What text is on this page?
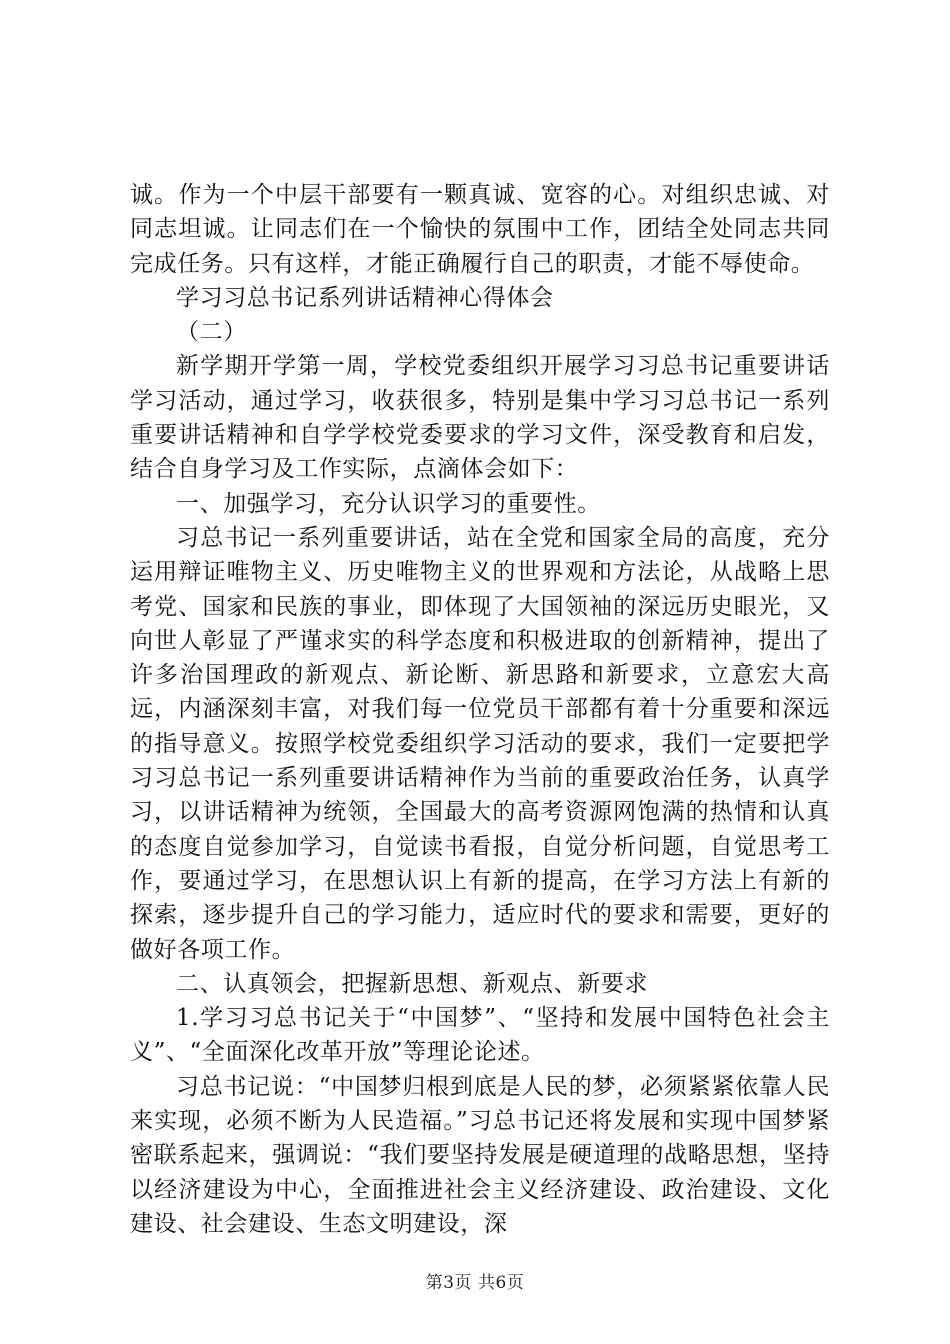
诚。作为一个中层干部要有一颗真诚、宽容的心。对组织忠诚、对同志坦诚。让同志们在一个愉快的氛围中工作，团结全处同志共同完成任务。只有这样，才能正确履行自己的职责，才能不辱使命。

学习习总书记系列讲话精神心得体会

（二）

新学期开学第一周，学校党委组织开展学习习总书记重要讲话学习活动，通过学习，收获很多，特别是集中学习习总书记一系列重要讲话精神和自学学校党委要求的学习文件，深受教育和启发，结合自身学习及工作实际，点滴体会如下：

一、加强学习，充分认识学习的重要性。

习总书记一系列重要讲话，站在全党和国家全局的高度，充分运用辩证唯物主义、历史唯物主义的世界观和方法论，从战略上思考党、国家和民族的事业，即体现了大国领袖的深远历史眼光，又向世人彰显了严谨求实的科学态度和积极进取的创新精神，提出了许多治国理政的新观点、新论断、新思路和新要求，立意宏大高远，内涵深刻丰富，对我们每一位党员干部都有着十分重要和深远的指导意义。按照学校党委组织学习活动的要求，我们一定要把学习习总书记一系列重要讲话精神作为当前的重要政治任务，认真学习，以讲话精神为统领，全国最大的高考资源网饱满的热情和认真的态度自觉参加学习，自觉读书看报，自觉分析问题，自觉思考工作，要通过学习，在思想认识上有新的提高，在学习方法上有新的探索，逐步提升自己的学习能力，适应时代的要求和需要，更好的做好各项工作。

二、认真领会，把握新思想、新观点、新要求

1.学习习总书记关于“中国梦”、“坚持和发展中国特色社会主义”、“全面深化改革开放”等理论论述。

习总书记说：“中国梦归根到底是人民的梦，必须紧紧依靠人民来实现，必须不断为人民造福。”习总书记还将发展和实现中国梦紧密联系起来，强调说：“我们要坚持发展是硬道理的战略思想，坚持以经济建设为中心，全面推进社会主义经济建设、政治建设、文化建设、社会建设、生态文明建设，深

第3页 共6页
